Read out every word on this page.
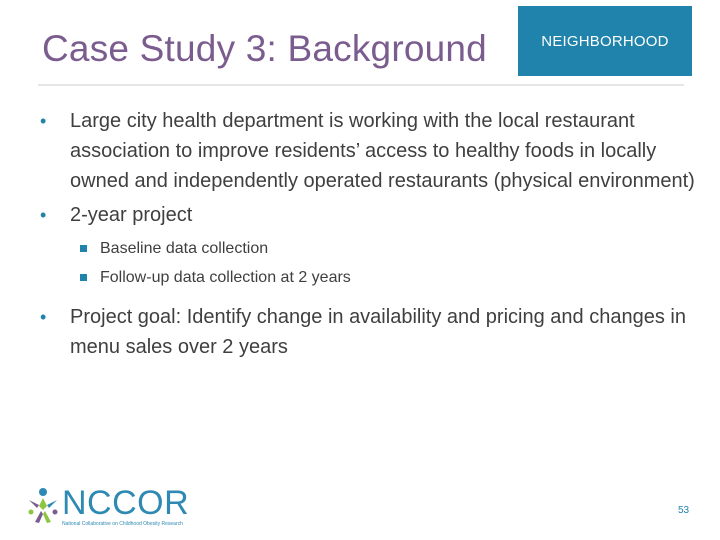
Case Study 3: Background	NEIGHBORHOOD
• Large city health department is working with the local restaurant association to improve residents’ access to healthy foods in locally owned and independently operated restaurants (physical environment)
• 2-year project
Baseline data collection
Follow-up data collection at 2 years
• Project goal: Identify change in availability and pricing and changes in menu sales over 2 years
NCCOR
National Collaborative on Childhood Obesity Research
53
